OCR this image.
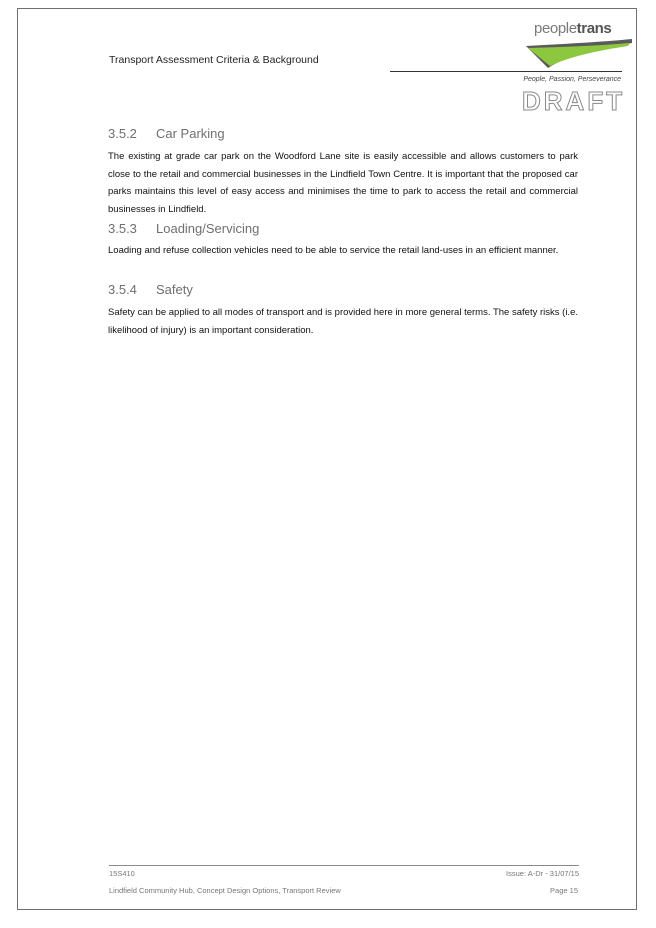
Transport Assessment Criteria & Background
peopletrans
People, Passion, Perseverance
DRAFT
3.5.2 Car Parking

The existing at grade car park on the Woodford Lane site is easily accessible and allows customers to park close to the retail and commercial businesses in the Lindfield Town Centre. It is important that the proposed car parks maintains this level of easy access and minimises the time to park to access the retail and commercial businesses in Lindfield.

3.5.3 Loading/Servicing

Loading and refuse collection vehicles need to be able to service the retail land-uses in an efficient manner.

3.5.4 Safety

Safety can be applied to all modes of transport and is provided here in more general terms. The safety risks (i.e. likelihood of injury) is an important consideration.

15S410	Issue: A-Dr - 31/07/15
Lindfield Community Hub, Concept Design Options, Transport Review	Page 15
